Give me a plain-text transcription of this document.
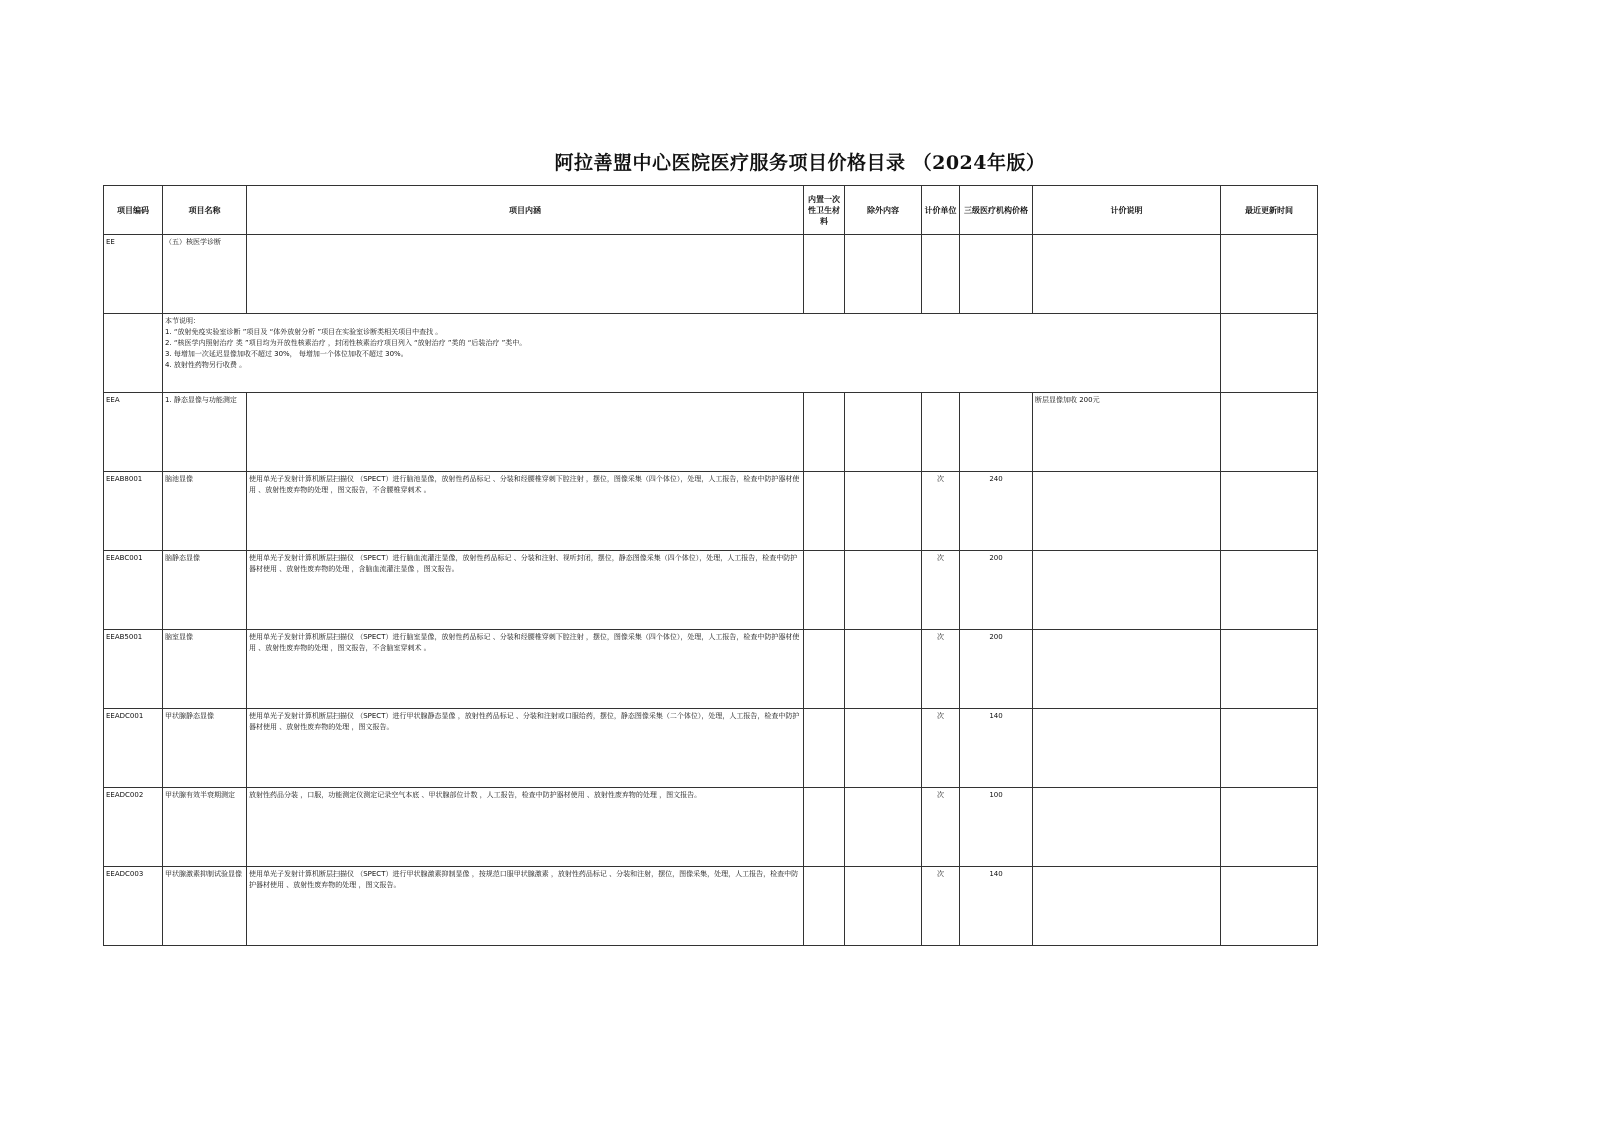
阿拉善盟中心医院医疗服务项目价格目录 （2024年版）
项目编码	项目名称	项目内涵	内置一次性卫生材料	除外内容	计价单位	三级医疗机构价格	计价说明	最近更新时间
EE	（五）核医学诊断							

	本节说明：
1. “放射免疫实验室诊断 ”项目及 “体外放射分析 ”项目在实验室诊断类相关项目中查找 。
2. “核医学内照射治疗 类 ”项目均为开放性核素治疗 ，封闭性核素治疗项目列入 “放射治疗 ”类的 “后装治疗 ”类中。
3. 每增加一次延迟显像加收不超过 30%， 每增加一个体位加收不超过 30%。
4. 放射性药物另行收费 。							

EEA	1. 静态显像与功能测定						断层显像加收 200元	
EEAB8001	脑池显像	使用单光子发射计算机断层扫描仪 （SPECT）进行脑池显像，放射性药品标记 、分装和经腰椎穿刺下腔注射 ，摆位，图像采集（四个体位），处理，人工报告，检查中防护器材使用 、放射性废弃物的处理 ，图文报告，不含腰椎穿刺术 。			次	240		
EEABC001	脑静态显像	使用单光子发射计算机断层扫描仪 （SPECT）进行脑血流灌注显像，放射性药品标记 、分装和注射、视听封闭，摆位，静态图像采集（四个体位），处理，人工报告，检查中防护器材使用 、放射性废弃物的处理 ，含脑血流灌注显像 ，图文报告。			次	200		
EEAB5001	脑室显像	使用单光子发射计算机断层扫描仪 （SPECT）进行脑室显像，放射性药品标记 、分装和经腰椎穿刺下腔注射 ，摆位，图像采集（四个体位），处理，人工报告，检查中防护器材使用 、放射性废弃物的处理 ，图文报告，不含脑室穿刺术 。			次	200		
EEADC001	甲状腺静态显像	使用单光子发射计算机断层扫描仪 （SPECT）进行甲状腺静态显像 ，放射性药品标记 、分装和注射或口服给药，摆位，静态图像采集（二个体位），处理，人工报告，检查中防护器材使用 、放射性废弃物的处理 ，图文报告。			次	140		
EEADC002	甲状腺有效半衰期测定	放射性药品分装 ，口服，功能测定仪测定记录空气本底 、甲状腺部位计数 ，人工报告，检查中防护器材使用 、放射性废弃物的处理 ，图文报告。			次	100		
EEADC003	甲状腺激素抑制试验显像	使用单光子发射计算机断层扫描仪 （SPECT）进行甲状腺激素抑制显像 ，按规范口服甲状腺激素 ，放射性药品标记 、分装和注射，摆位，图像采集，处理，人工报告，检查中防护器材使用 、放射性废弃物的处理 ，图文报告。			次	140		
